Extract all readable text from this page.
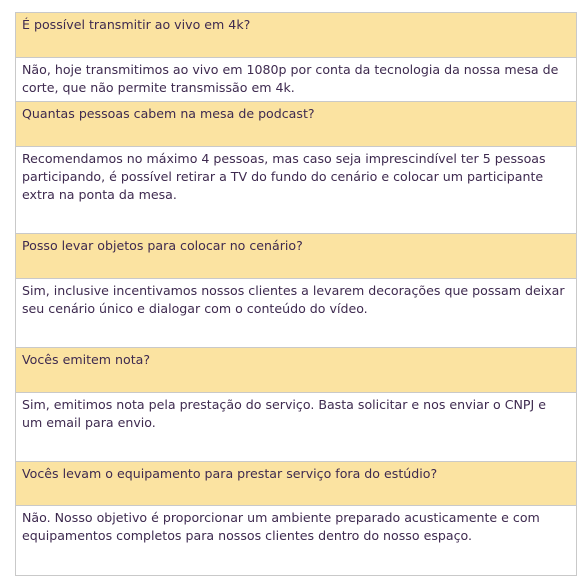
É possível transmitir ao vivo em 4k?
Não, hoje transmitimos ao vivo em 1080p por conta da tecnologia da nossa mesa de corte, que não permite transmissão em 4k.
Quantas pessoas cabem na mesa de podcast?
Recomendamos no máximo 4 pessoas, mas caso seja imprescindível ter 5 pessoas participando, é possível retirar a TV do fundo do cenário e colocar um participante extra na ponta da mesa.
Posso levar objetos para colocar no cenário?
Sim, inclusive incentivamos nossos clientes a levarem decorações que possam deixar seu cenário único e dialogar com o conteúdo do vídeo.
Vocês emitem nota?
Sim, emitimos nota pela prestação do serviço. Basta solicitar e nos enviar o CNPJ e um email para envio.
Vocês levam o equipamento para prestar serviço fora do estúdio?
Não. Nosso objetivo é proporcionar um ambiente preparado acusticamente e com equipamentos completos para nossos clientes dentro do nosso espaço.
